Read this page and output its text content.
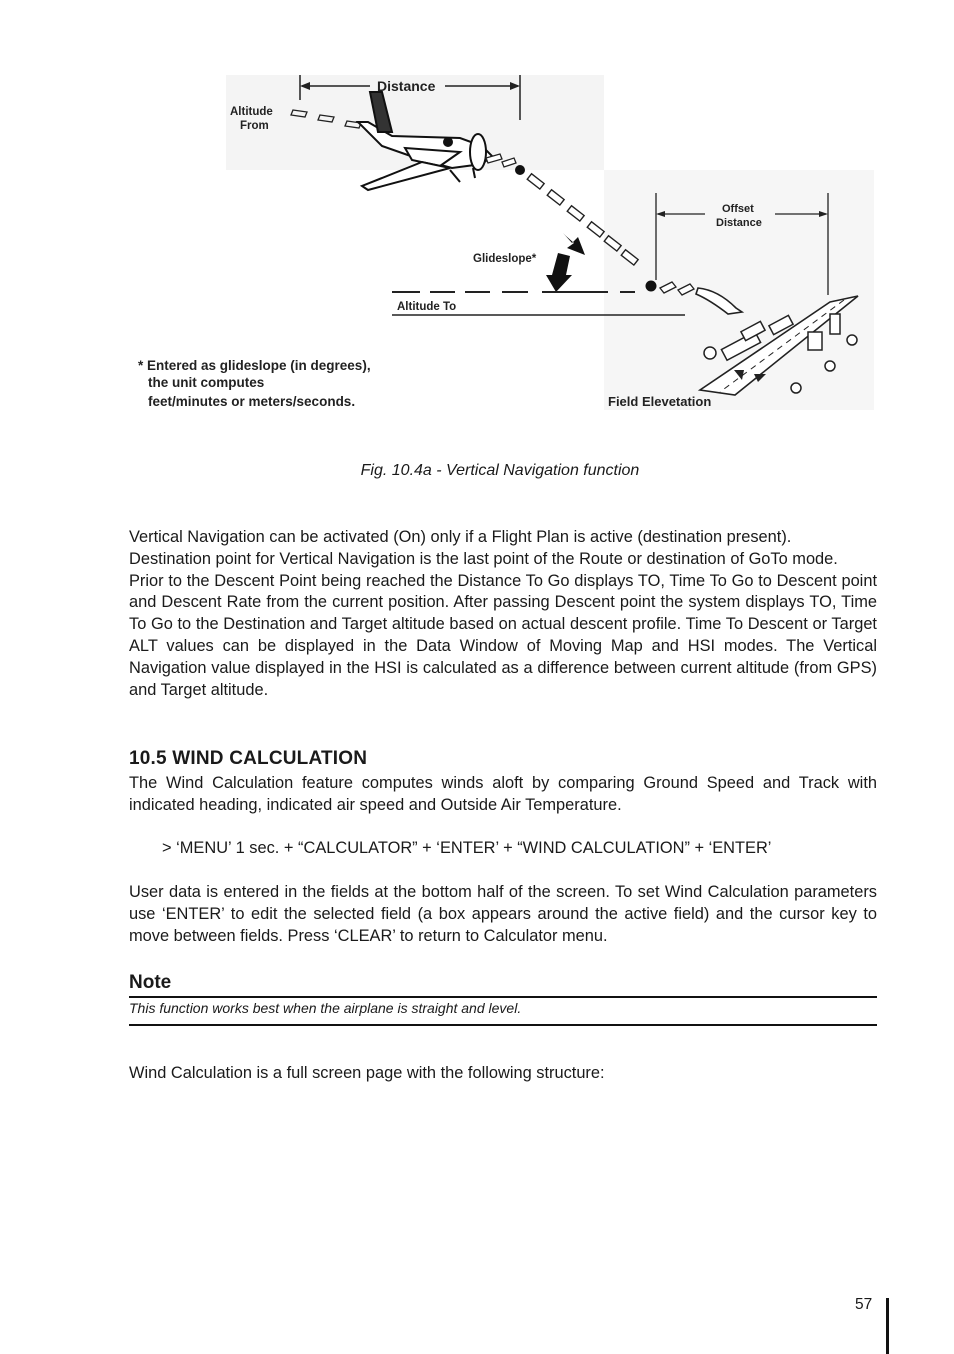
Distance
Altitude
From
Glideslope*
Altitude To
Offset
Distance
Field Elevetation
* Entered as glideslope (in degrees),
the unit computes
feet/minutes or meters/seconds.
Fig. 10.4a - Vertical Navigation function

Vertical Navigation can be activated (On) only if a Flight Plan is active (destination present).

Destination point for Vertical Navigation is the last point of the Route or destination of GoTo mode.

Prior to the Descent Point being reached the Distance To Go displays TO, Time To Go to Descent point and Descent Rate from the current position. After passing Descent point the system displays TO, Time To Go to the Destination and Target altitude based on actual descent profile. Time To Descent or Target ALT values can be displayed in the Data Window of Moving Map and HSI modes. The Vertical Navigation value displayed in the HSI is calculated as a difference between current altitude (from GPS) and Target altitude.

10.5 WIND CALCULATION
The Wind Calculation feature computes winds aloft by comparing Ground Speed and Track with indicated heading, indicated air speed and Outside Air Temperature.
> ‘MENU’ 1 sec. + “CALCULATOR” + ‘ENTER’ + “WIND CALCULATION” + ‘ENTER’
User data is entered in the fields at the bottom half of the screen. To set Wind Calculation parameters use ‘ENTER’ to edit the selected field (a box appears around the active field) and the cursor key to move between fields. Press ‘CLEAR’ to return to Calculator menu.
Note
This function works best when the airplane is straight and level.
Wind Calculation is a full screen page with the following structure:
57
